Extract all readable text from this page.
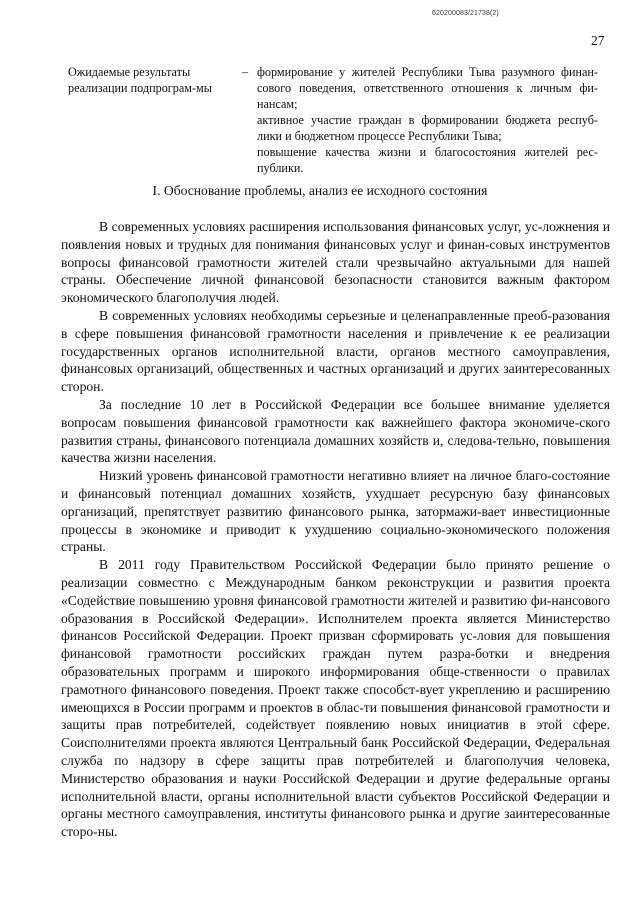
620200083/21738(2)
27
Ожидаемые результаты реализации подпрограм-мы
– формирование у жителей Республики Тыва разумного финан-сового поведения, ответственного отношения к личным фи-нансам;
активное участие граждан в формировании бюджета респуб-лики и бюджетном процессе Республики Тыва;
повышение качества жизни и благосостояния жителей рес-публики.
I. Обоснование проблемы, анализ ее исходного состояния

В современных условиях расширения использования финансовых услуг, ус-ложнения и появления новых и трудных для понимания финансовых услуг и финан-совых инструментов вопросы финансовой грамотности жителей стали чрезвычайно актуальными для нашей страны. Обеспечение личной финансовой безопасности становится важным фактором экономического благополучия людей.

В современных условиях необходимы серьезные и целенаправленные преоб-разования в сфере повышения финансовой грамотности населения и привлечение к ее реализации государственных органов исполнительной власти, органов местного самоуправления, финансовых организаций, общественных и частных организаций и других заинтересованных сторон.

За последние 10 лет в Российской Федерации все большее внимание уделяется вопросам повышения финансовой грамотности как важнейшего фактора экономиче-ского развития страны, финансового потенциала домашних хозяйств и, следова-тельно, повышения качества жизни населения.

Низкий уровень финансовой грамотности негативно влияет на личное благо-состояние и финансовый потенциал домашних хозяйств, ухудшает ресурсную базу финансовых организаций, препятствует развитию финансового рынка, затормажи-вает инвестиционные процессы в экономике и приводит к ухудшению социально-экономического положения страны.

В 2011 году Правительством Российской Федерации было принято решение о реализации совместно с Международным банком реконструкции и развития проекта «Содействие повышению уровня финансовой грамотности жителей и развитию фи-нансового образования в Российской Федерации». Исполнителем проекта является Министерство финансов Российской Федерации. Проект призван сформировать ус-ловия для повышения финансовой грамотности российских граждан путем разра-ботки и внедрения образовательных программ и широкого информирования обще-ственности о правилах грамотного финансового поведения. Проект также способст-вует укреплению и расширению имеющихся в России программ и проектов в облас-ти повышения финансовой грамотности и защиты прав потребителей, содействует появлению новых инициатив в этой сфере. Соисполнителями проекта являются Центральный банк Российской Федерации, Федеральная служба по надзору в сфере защиты прав потребителей и благополучия человека, Министерство образования и науки Российской Федерации и другие федеральные органы исполнительной власти, органы исполнительной власти субъектов Российской Федерации и органы местного самоуправления, институты финансового рынка и другие заинтересованные сторо-ны.
